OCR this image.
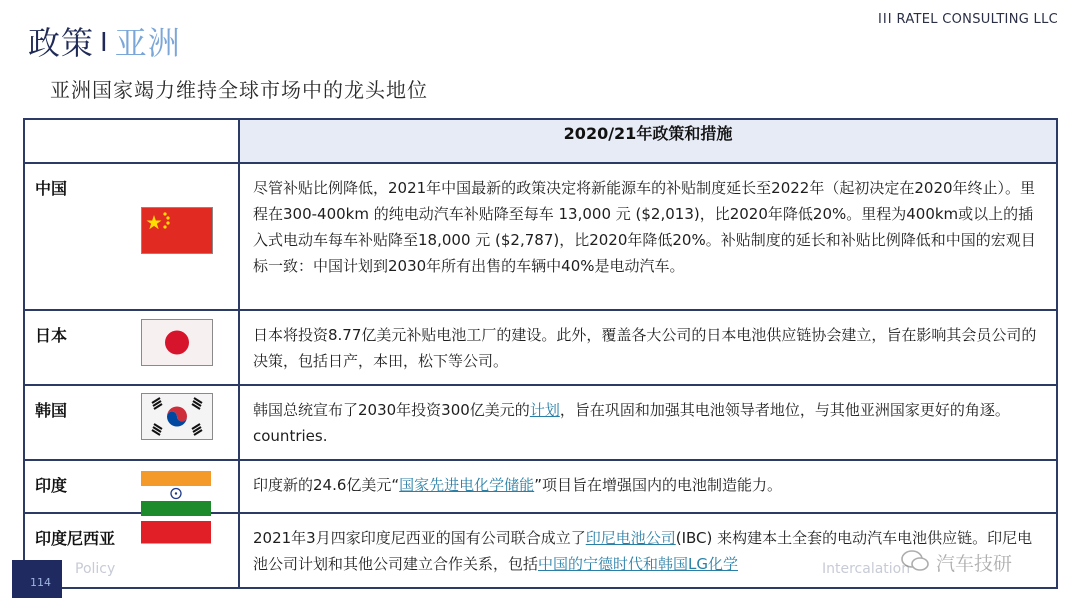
政策 I 亚洲
III RATEL CONSULTING LLC
亚洲国家竭力维持全球市场中的龙头地位
	2020/21年政策和措施

中国	尽管补贴比例降低，2021年中国最新的政策决定将新能源车的补贴制度延长至2022年（起初决定在2020年终止）。里程在300-400km 的纯电动汽车补贴降至每车 13,000 元 ($2,013)，比2020年降低20%。里程为400km或以上的插入式电动车每车补贴降至18,000 元 ($2,787)，比2020年降低20%。补贴制度的延长和补贴比例降低和中国的宏观目标一致：中国计划到2030年所有出售的车辆中40%是电动汽车。

日本	日本将投资8.77亿美元补贴电池工厂的建设。此外，覆盖各大公司的日本电池供应链协会建立，旨在影响其会员公司的决策，包括日产，本田，松下等公司。

韩国	韩国总统宣布了2030年投资300亿美元的计划，旨在巩固和加强其电池领导者地位，与其他亚洲国家更好的角逐。 countries.

印度	印度新的24.6亿美元“国家先进电化学储能”项目旨在增强国内的电池制造能力。

印度尼西亚	2021年3月四家印度尼西亚的国有公司联合成立了印尼电池公司(IBC) 来构建本土全套的电动汽车电池供应链。印尼电池公司计划和其他公司建立合作关系，包括中国的宁德时代和韩国LG化学
114
Policy	Intercalation 汽车技研
